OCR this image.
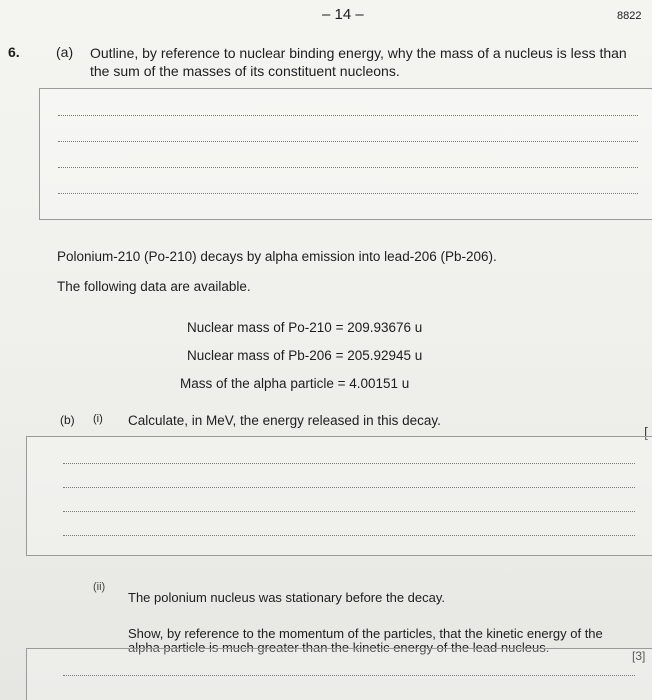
– 14 –	8822
6.	(a) Outline, by reference to nuclear binding energy, why the mass of a nucleus is less than the sum of the masses of its constituent nucleons.
Polonium-210 (Po-210) decays by alpha emission into lead-206 (Pb-206).
The following data are available.
Nuclear mass of Po-210 = 209.93676 u
Nuclear mass of Pb-206 = 205.92945 u
Mass of the alpha particle = 4.00151 u
(b) (i) Calculate, in MeV, the energy released in this decay.
[
(ii)
The polonium nucleus was stationary before the decay.
Show, by reference to the momentum of the particles, that the kinetic energy of the alpha particle is much greater than the kinetic energy of the lead nucleus.
[3]
